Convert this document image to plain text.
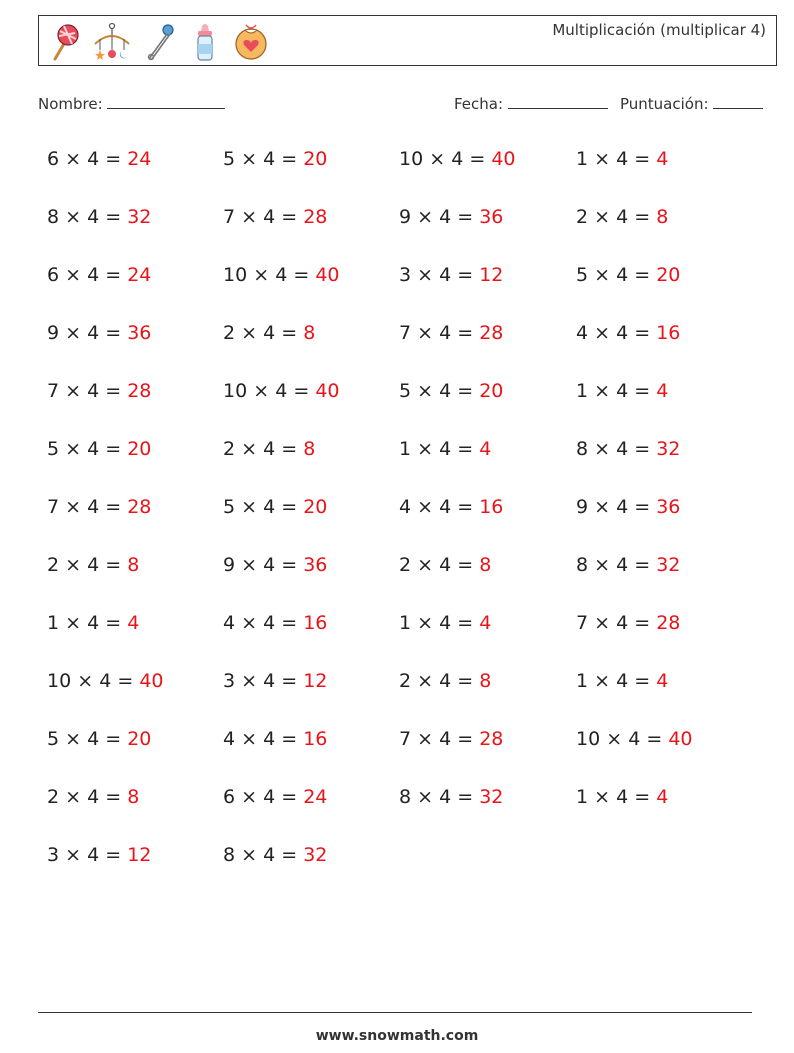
Multiplicación (multiplicar 4)
Nombre:	Fecha:	Puntuación:
6 × 4 = 24
8 × 4 = 32
6 × 4 = 24
9 × 4 = 36
7 × 4 = 28
5 × 4 = 20
7 × 4 = 28
2 × 4 = 8
1 × 4 = 4
10 × 4 = 40
5 × 4 = 20
2 × 4 = 8
3 × 4 = 12
5 × 4 = 20
7 × 4 = 28
10 × 4 = 40
2 × 4 = 8
10 × 4 = 40
2 × 4 = 8
5 × 4 = 20
9 × 4 = 36
4 × 4 = 16
3 × 4 = 12
4 × 4 = 16
6 × 4 = 24
8 × 4 = 32
10 × 4 = 40
9 × 4 = 36
3 × 4 = 12
7 × 4 = 28
5 × 4 = 20
1 × 4 = 4
4 × 4 = 16
2 × 4 = 8
1 × 4 = 4
2 × 4 = 8
7 × 4 = 28
8 × 4 = 32
1 × 4 = 4
2 × 4 = 8
5 × 4 = 20
4 × 4 = 16
1 × 4 = 4
8 × 4 = 32
9 × 4 = 36
8 × 4 = 32
7 × 4 = 28
1 × 4 = 4
10 × 4 = 40
1 × 4 = 4
www.snowmath.com
